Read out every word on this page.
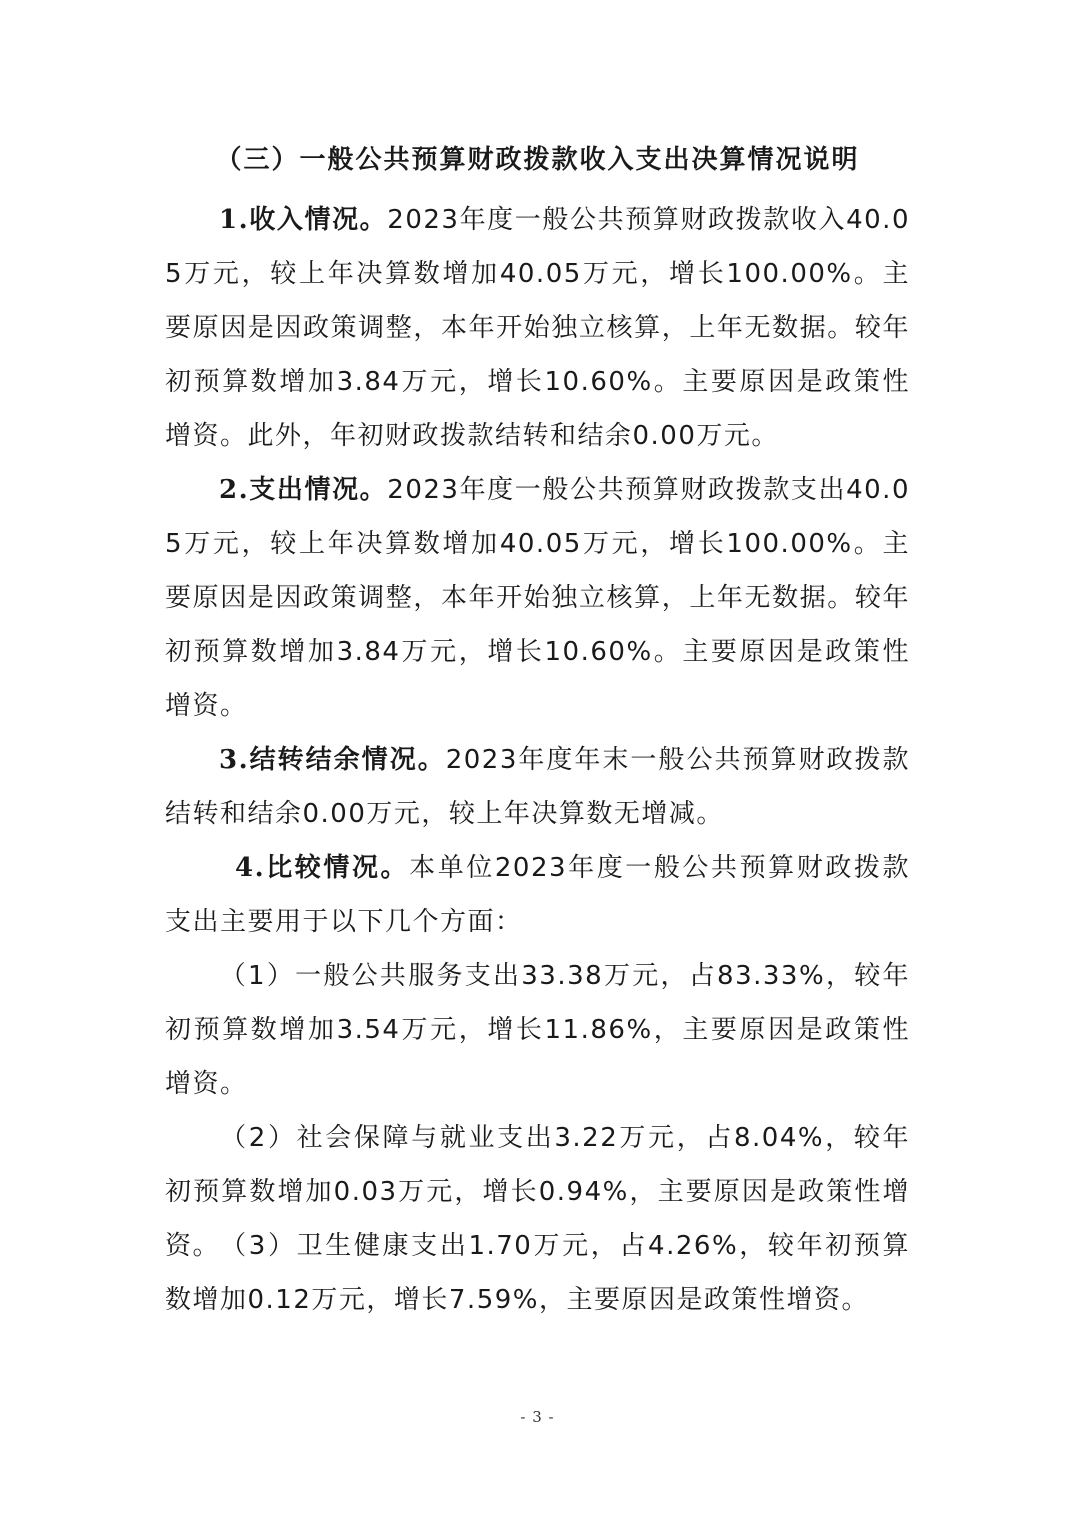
（三）一般公共预算财政拨款收入支出决算情况说明

1.收入情况。2023年度一般公共预算财政拨款收入40.05万元，较上年决算数增加40.05万元，增长100.00%。主要原因是因政策调整，本年开始独立核算，上年无数据。较年初预算数增加3.84万元，增长10.60%。主要原因是政策性增资。此外，年初财政拨款结转和结余0.00万元。

2.支出情况。2023年度一般公共预算财政拨款支出40.05万元，较上年决算数增加40.05万元，增长100.00%。主要原因是因政策调整，本年开始独立核算，上年无数据。较年初预算数增加3.84万元，增长10.60%。主要原因是政策性增资。

3.结转结余情况。2023年度年末一般公共预算财政拨款结转和结余0.00万元，较上年决算数无增减。

4.比较情况。本单位2023年度一般公共预算财政拨款支出主要用于以下几个方面：

（1）一般公共服务支出33.38万元，占83.33%，较年初预算数增加3.54万元，增长11.86%，主要原因是政策性增资。

（2）社会保障与就业支出3.22万元，占8.04%，较年初预算数增加0.03万元，增长0.94%，主要原因是政策性增资。

（3）卫生健康支出1.70万元，占4.26%，较年初预算数增加0.12万元，增长7.59%，主要原因是政策性增资。

- 3 -
